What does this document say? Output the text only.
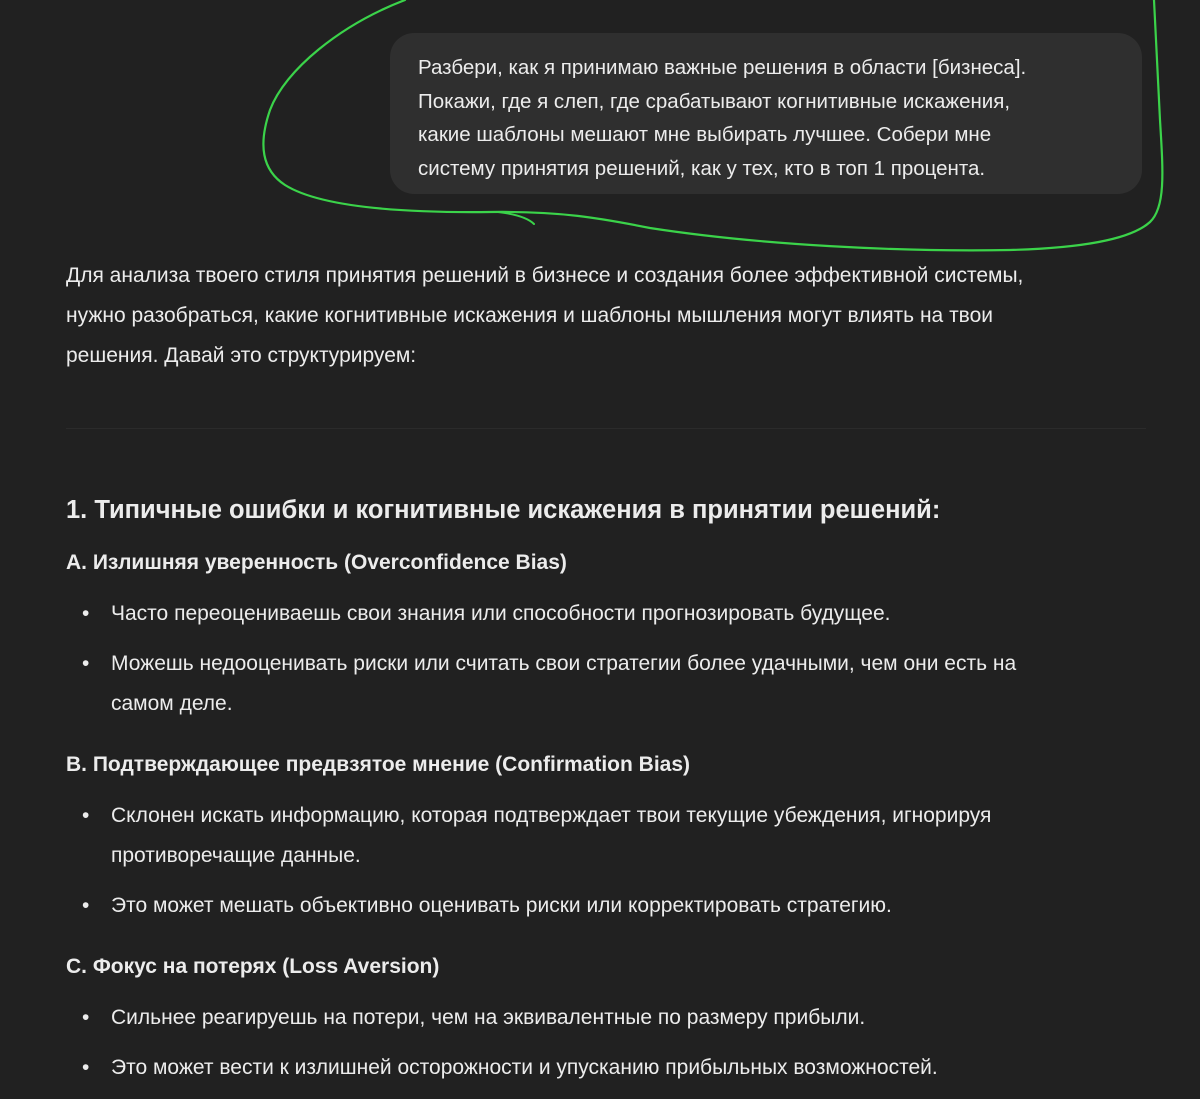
Разбери, как я принимаю важные решения в области [бизнеса].
Покажи, где я слеп, где срабатывают когнитивные искажения,
какие шаблоны мешают мне выбирать лучшее. Собери мне
систему принятия решений, как у тех, кто в топ 1 процента.
Для анализа твоего стиля принятия решений в бизнесе и создания более эффективной системы,
нужно разобраться, какие когнитивные искажения и шаблоны мышления могут влиять на твои
решения. Давай это структурируем:
1. Типичные ошибки и когнитивные искажения в принятии решений:
A. Излишняя уверенность (Overconfidence Bias)
• Часто переоцениваешь свои знания или способности прогнозировать будущее.
• Можешь недооценивать риски или считать свои стратегии более удачными, чем они есть на
самом деле.
B. Подтверждающее предвзятое мнение (Confirmation Bias)
• Склонен искать информацию, которая подтверждает твои текущие убеждения, игнорируя
противоречащие данные.
• Это может мешать объективно оценивать риски или корректировать стратегию.
C. Фокус на потерях (Loss Aversion)
• Сильнее реагируешь на потери, чем на эквивалентные по размеру прибыли.
• Это может вести к излишней осторожности и упусканию прибыльных возможностей.
